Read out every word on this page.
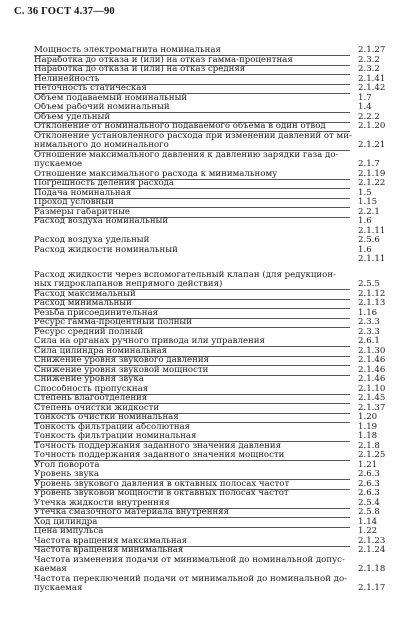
С. 36 ГОСТ 4.37—90
Мощность электромагнита номинальная	2.1.27
Наработка до отказа и (или) на отказ гамма-процентная	2.3.2
Наработка до отказа и (или) на отказ средняя	2.3.2
Нелинейность	2.1.41
Неточность статическая	2.1.42
Объем подаваемый номинальный	1.7
Объем рабочий номинальный	1.4
Объем удельный	2.2.2
Отклонение от номинального подаваемого объема в один отвод	2.1.20
Отклонение установленного расхода при изменении давлений от ми-
нимального до номинального	2.1.21
Отношение максимального давления к давлению зарядки газа до-
пускаемое	2.1.7
Отношение максимального расхода к минимальному	2.1.19
Погрешность деления расхода	2.1.22
Подача номинальная	1.5
Проход условный	1.15
Размеры габаритные	2.2.1
Расход воздуха номинальный	1.6
2.1.11
Расход воздуха удельный	2.5.6
Расход жидкости номинальный	1.6
2.1.11
Расход жидкости через вспомогательный клапан (для редукцион-
ных гидроклапанов непрямого действия)	2.5.5
Расход максимальный	2.1.12
Расход минимальный	2.1.13
Резьба присоединительная	1.16
Ресурс гамма-процентный полный	2.3.3
Ресурс средний полный	2.3.3
Сила на органах ручного привода или управления	2.6.1
Сила цилиндра номинальная	2.1.30
Снижение уровня звукового давления	2.1.46
Снижение уровня звуковой мощности	2.1.46
Снижение уровня звука	2.1.46
Способность пропускная	2.1.10
Степень влагоотделения	2.1.45
Степень очистки жидкости	2.1.37
Тонкость очистки номинальная	1.20
Тонкость фильтрации абсолютная	1.19
Тонкость фильтрации номинальная	1.18
Точность поддержания заданного значения давления	2.1.8
Точность поддержания заданного значения мощности	2.1.25
Угол поворота	1.21
Уровень звука	2.6.3
Уровень звукового давления в октавных полосах частот	2.6.3
Уровень звуковой мощности в октавных полосах частот	2.6.3
Утечка жидкости внутренняя	2.5.4
Утечка смазочного материала внутренняя	2.5.8
Ход цилиндра	1.14
Цена импульса	1.22
Частота вращения максимальная	2.1.23
Частота вращения минимальная	2.1.24
Частота изменения подачи от минимальной до номинальной допус-
каемая	2.1.18
Частота переключений подачи от минимальной до номинальной до-
пускаемая	2.1.17
